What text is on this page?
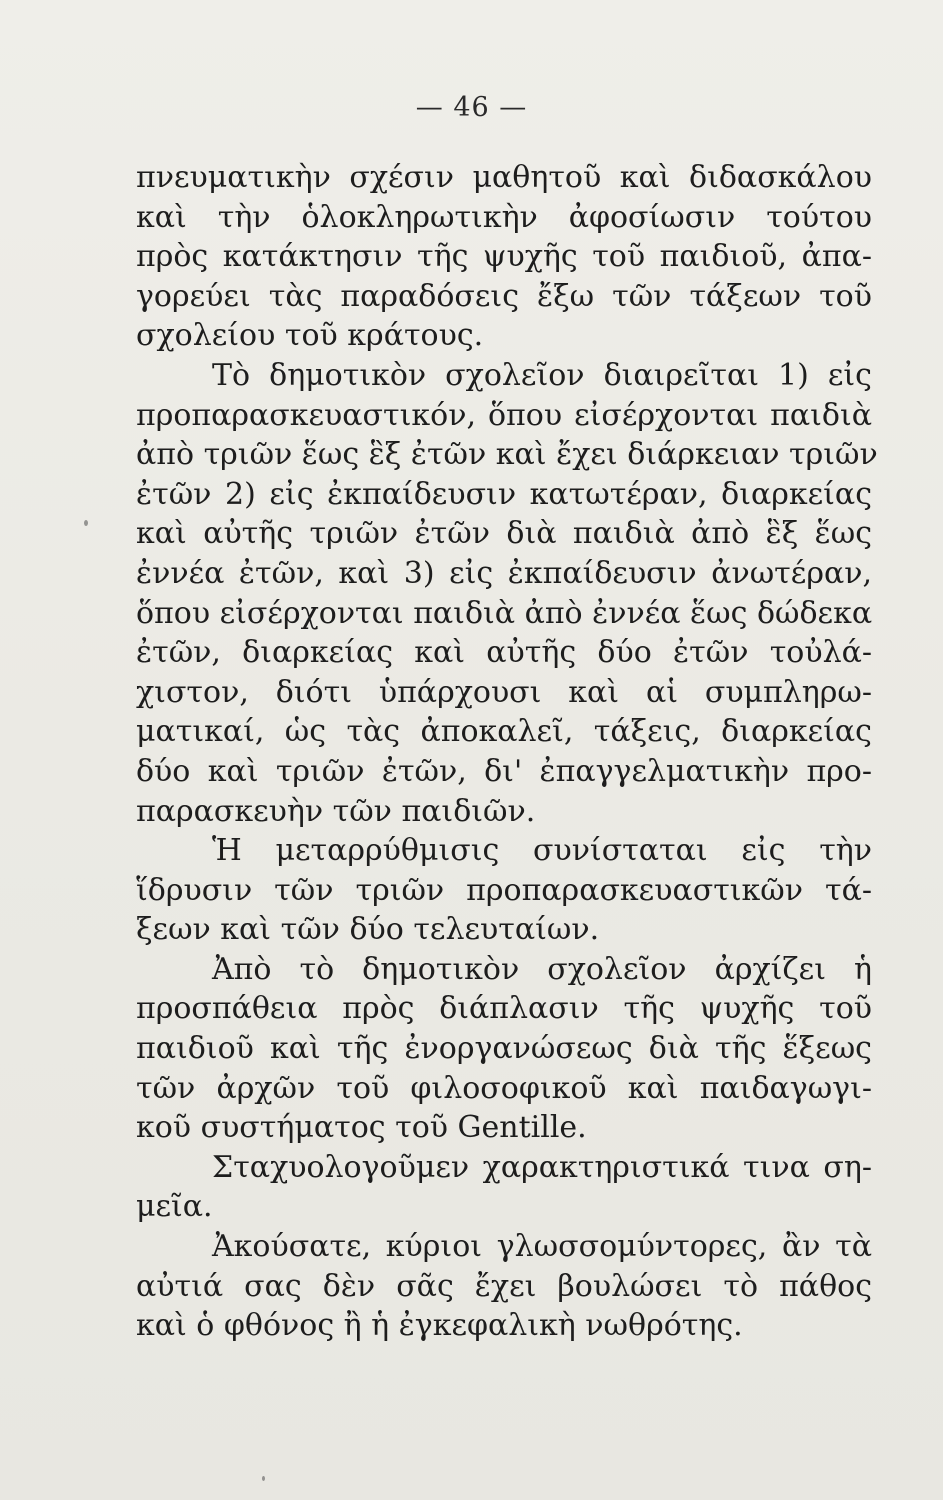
— 46 —
πνευματικὴν σχέσιν μαθητοῦ καὶ διδασκάλου
καὶ τὴν ὁλοκληρωτικὴν ἀφοσίωσιν τούτου
πρὸς κατάκτησιν τῆς ψυχῆς τοῦ παιδιοῦ, ἀπα-
γορεύει τὰς παραδόσεις ἔξω τῶν τάξεων τοῦ
σχολείου τοῦ κράτους.
Τὸ δημοτικὸν σχολεῖον διαιρεῖται 1) εἰς
προπαρασκευαστικόν, ὅπου εἰσέρχονται παιδιὰ
ἀπὸ τριῶν ἕως ἓξ ἐτῶν καὶ ἔχει διάρκειαν τριῶν
ἐτῶν 2) εἰς ἐκπαίδευσιν κατωτέραν, διαρκείας
καὶ αὐτῆς τριῶν ἐτῶν διὰ παιδιὰ ἀπὸ ἓξ ἕως
ἐννέα ἐτῶν, καὶ 3) εἰς ἐκπαίδευσιν ἀνωτέραν,
ὅπου εἰσέρχονται παιδιὰ ἀπὸ ἐννέα ἕως δώδεκα
ἐτῶν, διαρκείας καὶ αὐτῆς δύο ἐτῶν τοὐλά-
χιστον, διότι ὑπάρχουσι καὶ αἱ συμπληρω-
ματικαί, ὡς τὰς ἀποκαλεῖ, τάξεις, διαρκείας
δύο καὶ τριῶν ἐτῶν, δι' ἐπαγγελματικὴν προ-
παρασκευὴν τῶν παιδιῶν.
Ἡ μεταρρύθμισις συνίσταται εἰς τὴν
ἵδρυσιν τῶν τριῶν προπαρασκευαστικῶν τά-
ξεων καὶ τῶν δύο τελευταίων.
Ἀπὸ τὸ δημοτικὸν σχολεῖον ἀρχίζει ἡ
προσπάθεια πρὸς διάπλασιν τῆς ψυχῆς τοῦ
παιδιοῦ καὶ τῆς ἐνοργανώσεως διὰ τῆς ἕξεως
τῶν ἀρχῶν τοῦ φιλοσοφικοῦ καὶ παιδαγωγι-
κοῦ συστήματος τοῦ Gentille.
Σταχυολογοῦμεν χαρακτηριστικά τινα ση-
μεῖα.
Ἀκούσατε, κύριοι γλωσσομύντορες, ἂν τὰ
αὐτιά σας δὲν σᾶς ἔχει βουλώσει τὸ πάθος
καὶ ὁ φθόνος ἢ ἡ ἐγκεφαλικὴ νωθρότης.
